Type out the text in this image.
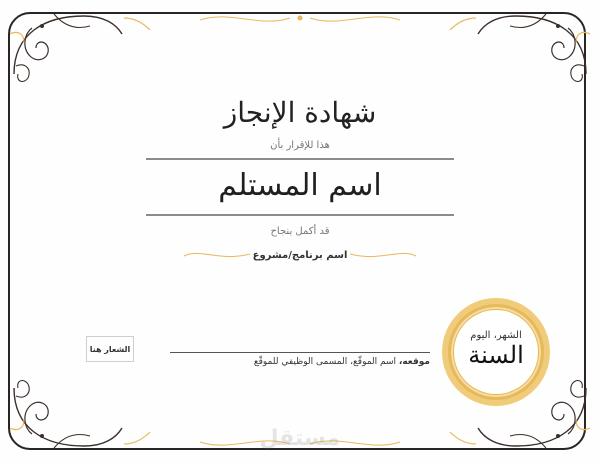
شهادة الإنجاز
هذا للإقرار بأن
اسم المستلم
قد أكمل بنجاح
اسم برنامج/مشروع
الشعار هنا
موقعه، اسم الموقّع، المسمى الوظيفي للموقّع
الشهر، اليوم
السنة
مستقل
